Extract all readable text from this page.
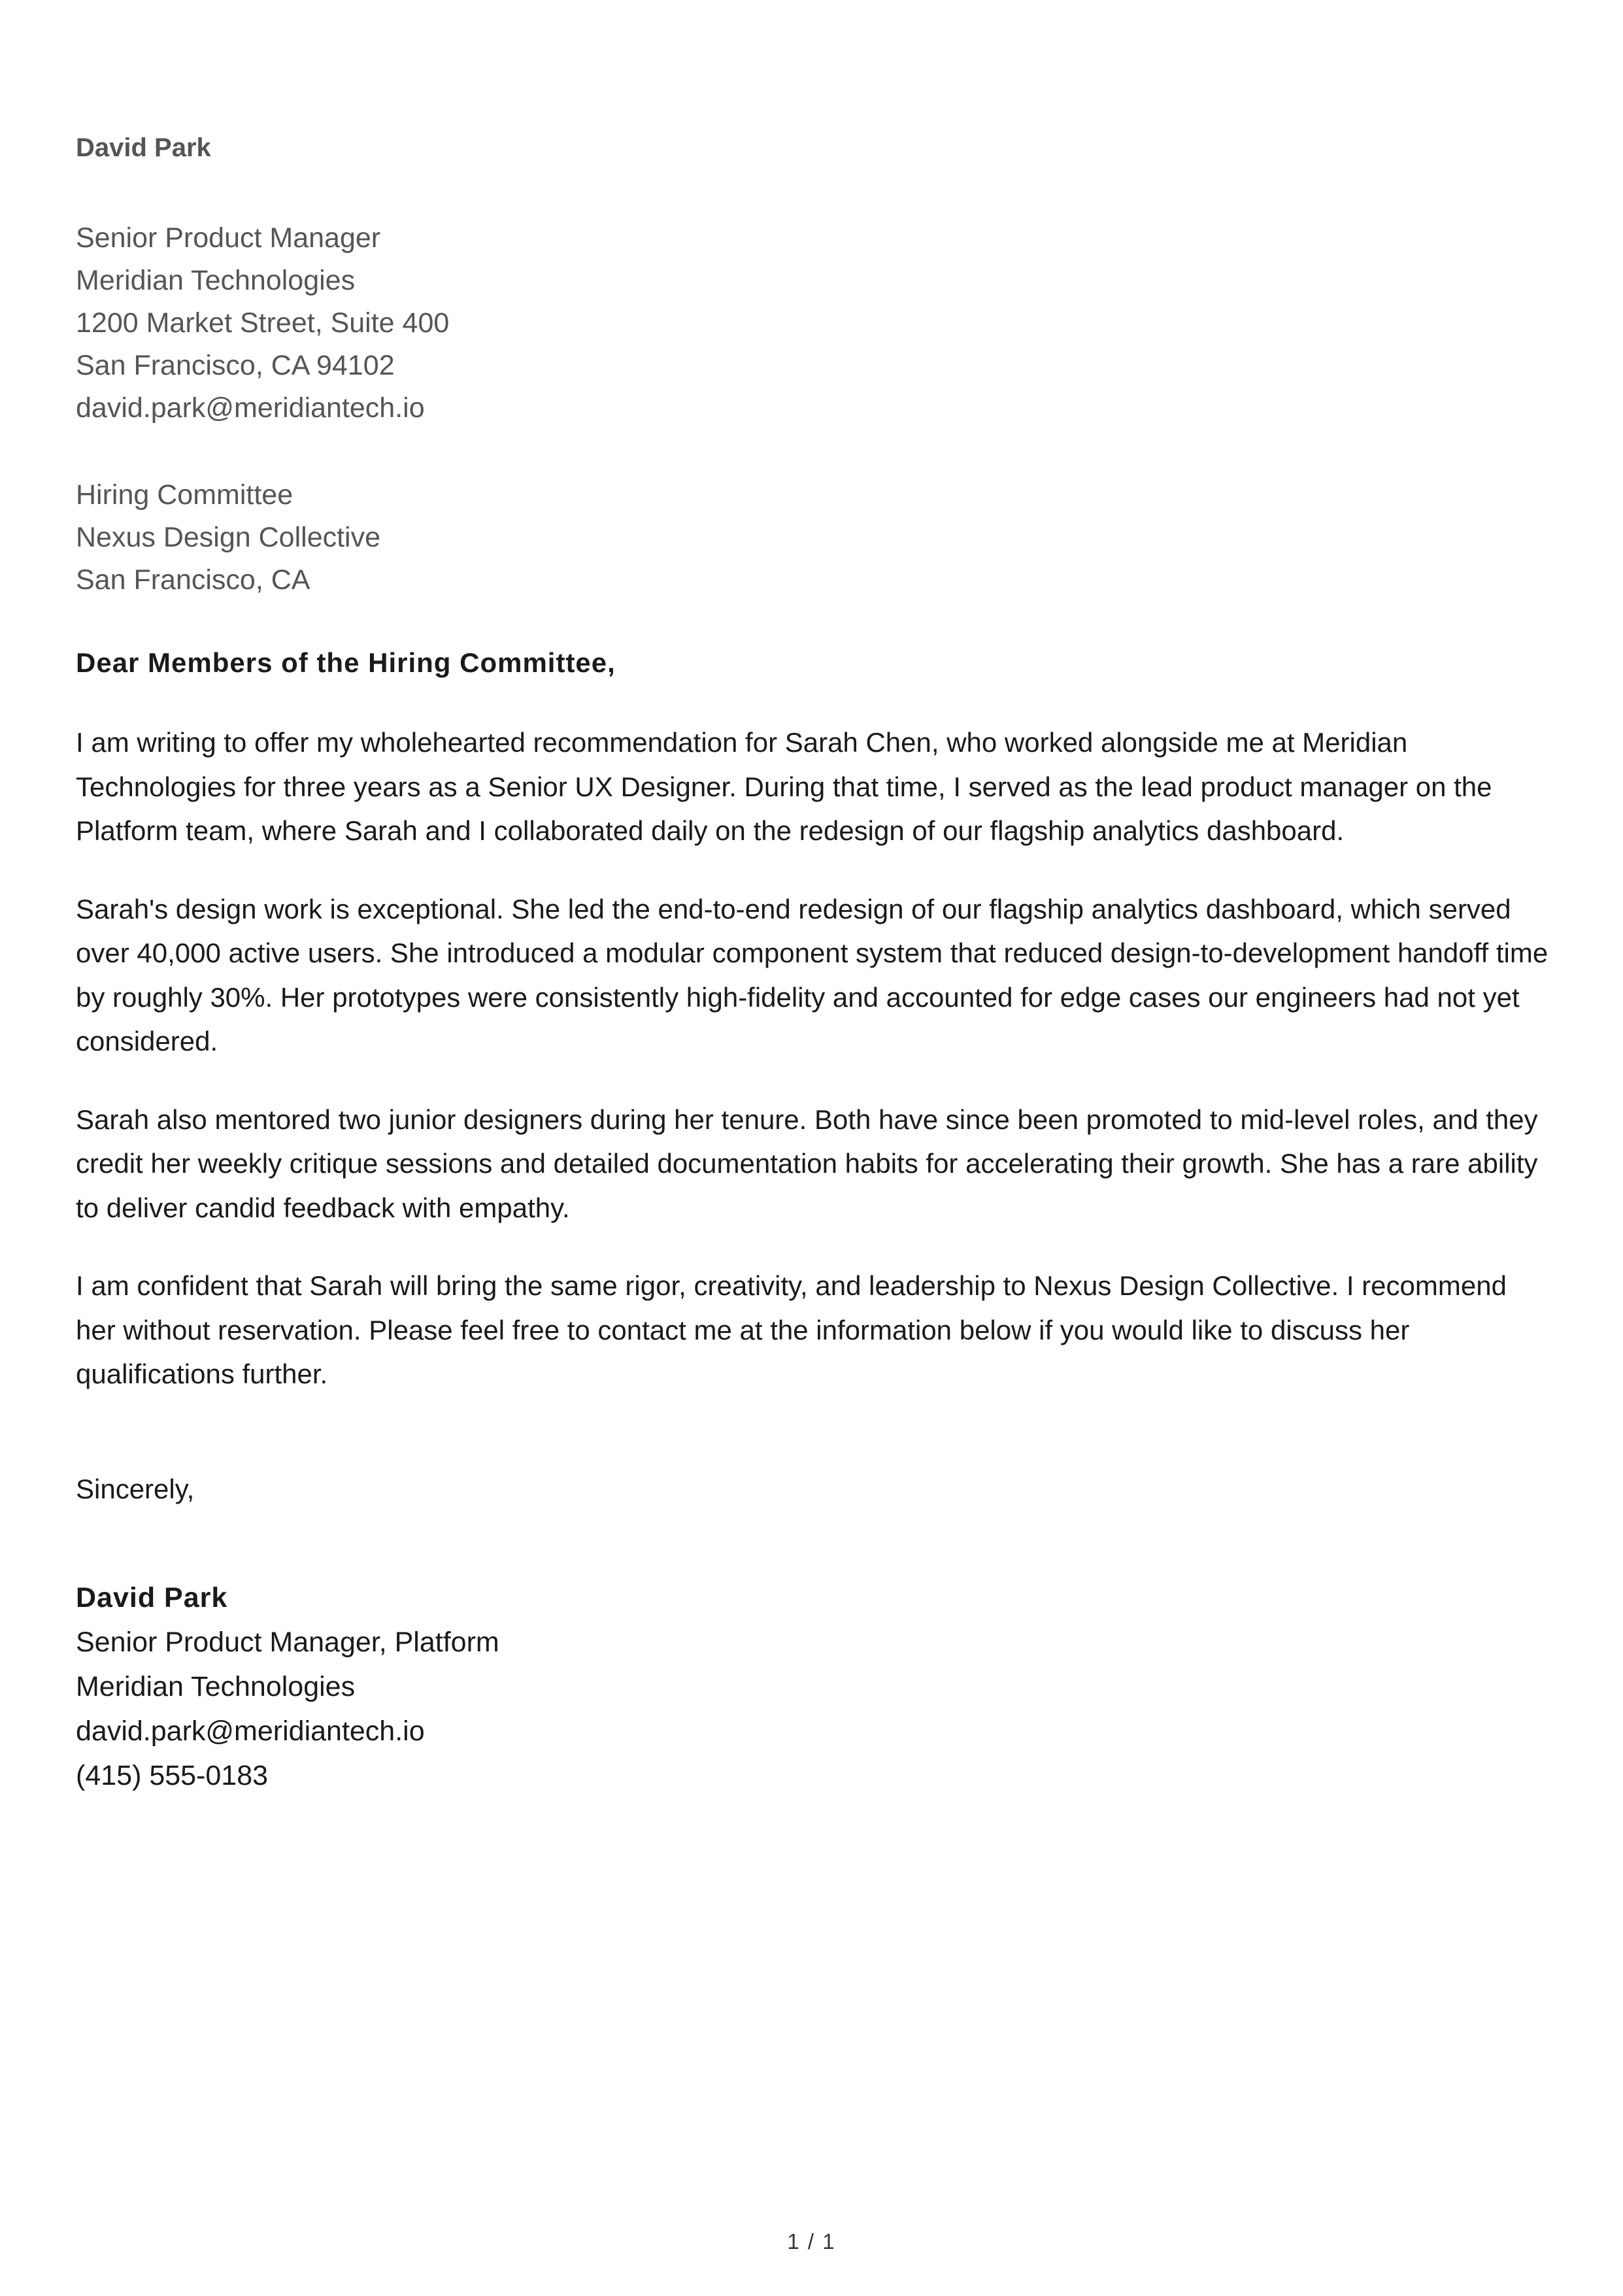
David Park
Senior Product Manager
Meridian Technologies
1200 Market Street, Suite 400
San Francisco, CA 94102
david.park@meridiantech.io
Hiring Committee
Nexus Design Collective
San Francisco, CA
Dear Members of the Hiring Committee,

I am writing to offer my wholehearted recommendation for Sarah Chen, who worked alongside me at Meridian Technologies for three years as a Senior UX Designer. During that time, I served as the lead product manager on the Platform team, where Sarah and I collaborated daily on the redesign of our flagship analytics dashboard.

Sarah's design work is exceptional. She led the end-to-end redesign of our flagship analytics dashboard, which served over 40,000 active users. She introduced a modular component system that reduced design-to-development handoff time by roughly 30%. Her prototypes were consistently high-fidelity and accounted for edge cases our engineers had not yet considered.

Sarah also mentored two junior designers during her tenure. Both have since been promoted to mid-level roles, and they credit her weekly critique sessions and detailed documentation habits for accelerating their growth. She has a rare ability to deliver candid feedback with empathy.

I am confident that Sarah will bring the same rigor, creativity, and leadership to Nexus Design Collective. I recommend her without reservation. Please feel free to contact me at the information below if you would like to discuss her qualifications further.

Sincerely,
David Park
Senior Product Manager, Platform
Meridian Technologies
david.park@meridiantech.io
(415) 555-0183
1 / 1
